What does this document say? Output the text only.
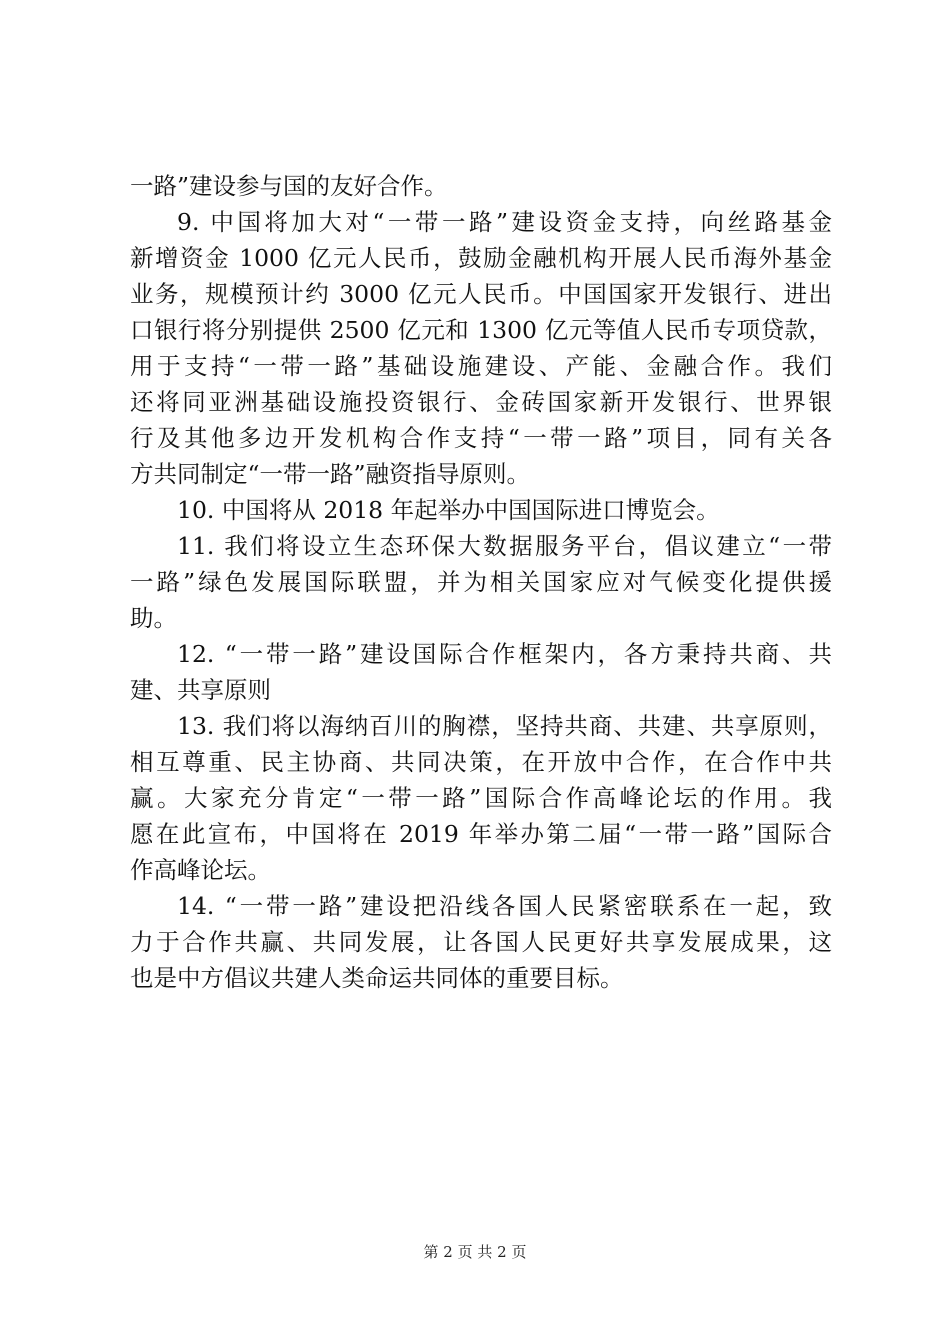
一路”建设参与国的友好合作。
9. 中国将加大对“一带一路”建设资金支持，向丝路基金
新增资金 1000 亿元人民币，鼓励金融机构开展人民币海外基金
业务，规模预计约 3000 亿元人民币。中国国家开发银行、进出
口银行将分别提供 2500 亿元和 1300 亿元等值人民币专项贷款，
用于支持“一带一路”基础设施建设、产能、金融合作。我们
还将同亚洲基础设施投资银行、金砖国家新开发银行、世界银
行及其他多边开发机构合作支持“一带一路”项目，同有关各
方共同制定“一带一路”融资指导原则。
10. 中国将从 2018 年起举办中国国际进口博览会。
11. 我们将设立生态环保大数据服务平台，倡议建立“一带
一路”绿色发展国际联盟，并为相关国家应对气候变化提供援
助。
12. “一带一路”建设国际合作框架内，各方秉持共商、共
建、共享原则
13. 我们将以海纳百川的胸襟，坚持共商、共建、共享原则，
相互尊重、民主协商、共同决策，在开放中合作，在合作中共
赢。大家充分肯定“一带一路”国际合作高峰论坛的作用。我
愿在此宣布，中国将在 2019 年举办第二届“一带一路”国际合
作高峰论坛。
14. “一带一路”建设把沿线各国人民紧密联系在一起，致
力于合作共赢、共同发展，让各国人民更好共享发展成果，这
也是中方倡议共建人类命运共同体的重要目标。
第 2 页 共 2 页
